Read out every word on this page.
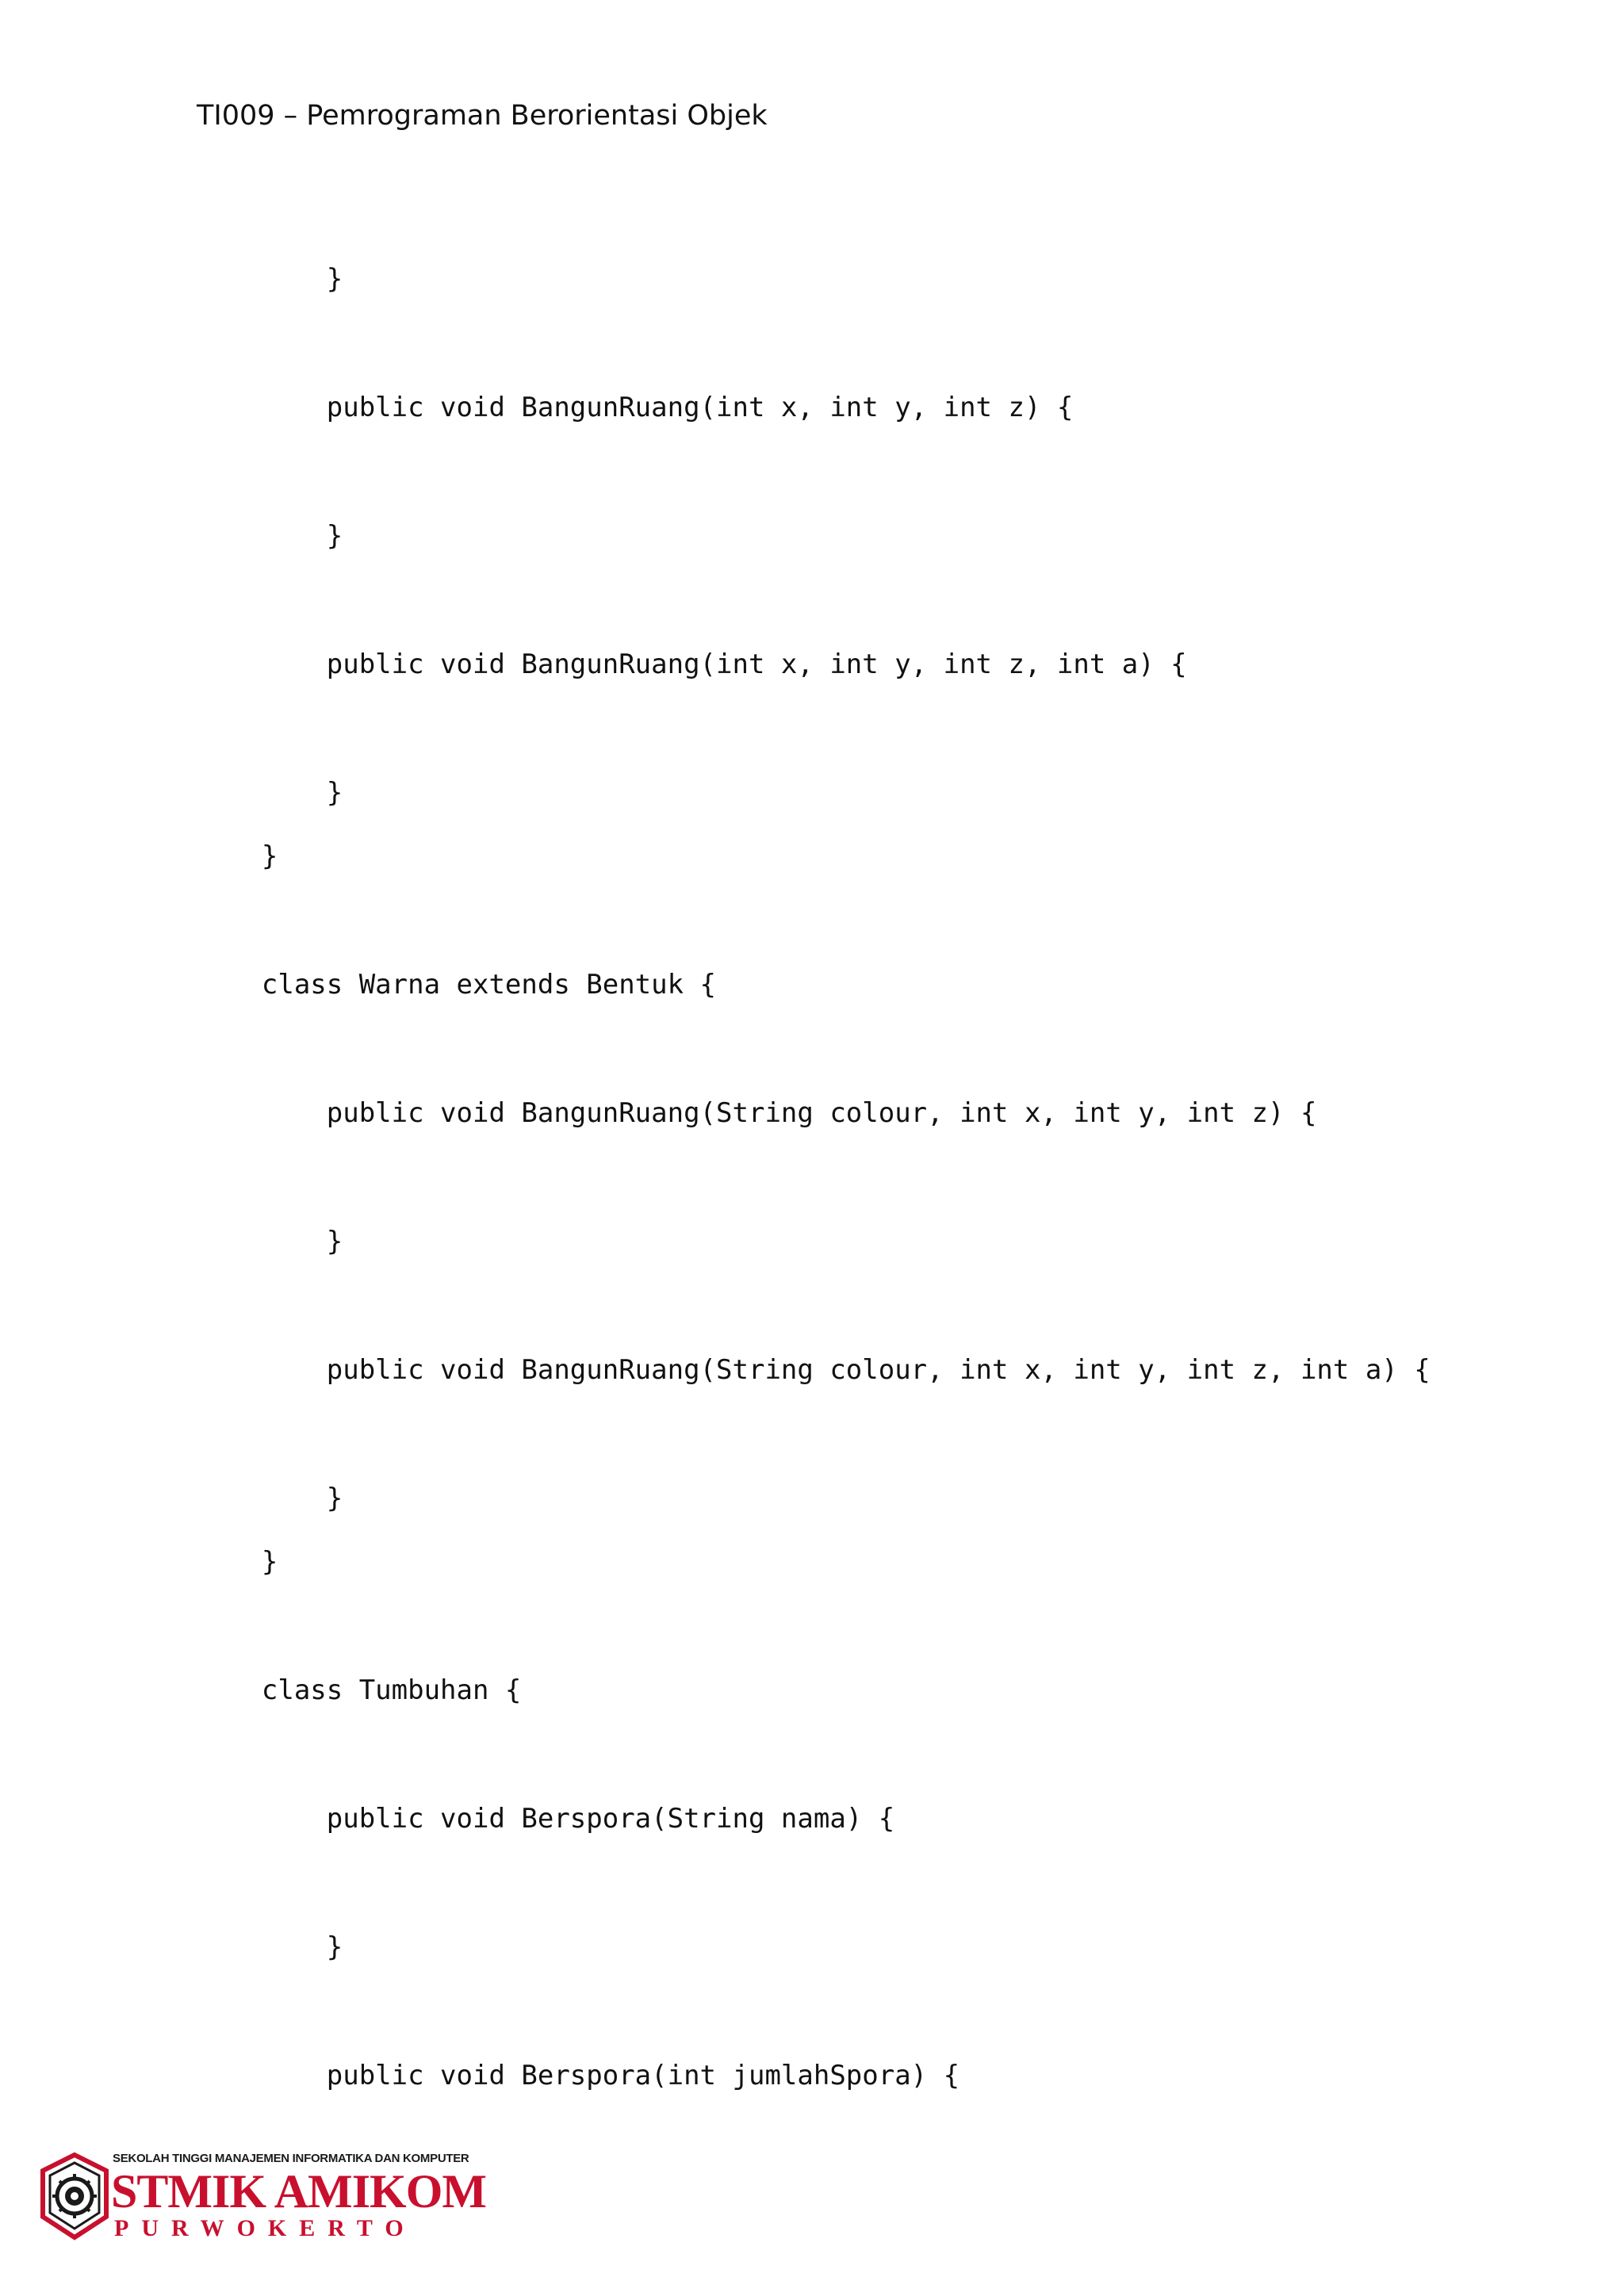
TI009 – Pemrograman Berorientasi Objek
}
public void BangunRuang(int x, int y, int z) {
}
public void BangunRuang(int x, int y, int z, int a) {
}
}
class Warna extends Bentuk {
public void BangunRuang(String colour, int x, int y, int z) {
}
public void BangunRuang(String colour, int x, int y, int z, int a) {
}
}
class Tumbuhan {
public void Berspora(String nama) {
}
public void Berspora(int jumlahSpora) {
SEKOLAH TINGGI MANAJEMEN INFORMATIKA DAN KOMPUTER
STMIK AMIKOM
PURWOKERTO
